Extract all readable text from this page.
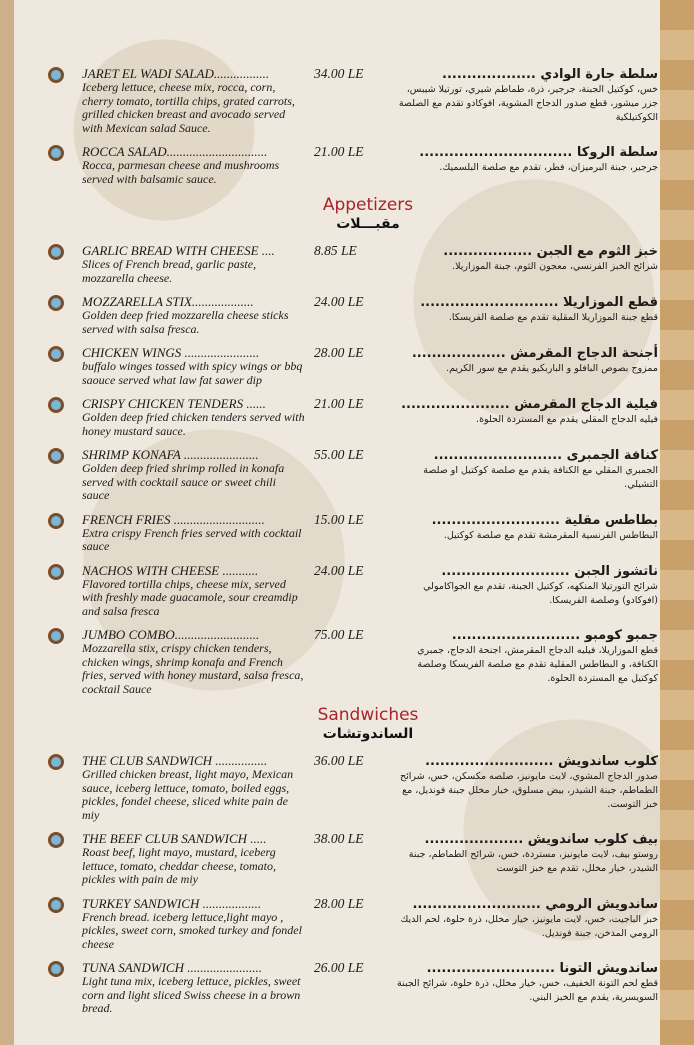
JARET EL WADI SALAD.................
Iceberg lettuce, cheese mix, rocca, corn, cherry tomato, tortilla chips, grated carrots, grilled chicken breast and avocado served with Mexican salad Sauce.
34.00 LE	سلطة جارة الوادي ...................
خس، كوكتيل الجبنة، جرجير، ذرة، طماطم شيري، تورتيلا شيبس، جزر ميشور، قطع صدور الدجاج المشوية، افوكادو تقدم مع الصلصة الكوكتيلكية
ROCCA SALAD...............................
Rocca, parmesan cheese and mushrooms served with balsamic sauce.
21.00 LE	سلطة الروكا ...............................
جرجير، جبنة البرميزان، فطر، تقدم مع صلصة البلسميك.
Appetizers
مقبـــلات
GARLIC BREAD WITH CHEESE ....
Slices of French bread, garlic paste, mozzarella cheese.
8.85 LE	خبز الثوم مع الجبن ..................
شرائح الخبز الفرنسي، معجون الثوم، جبنة الموزاريلا.
MOZZARELLA STIX...................
Golden deep fried mozzarella cheese sticks served with salsa fresca.
24.00 LE	قطع الموزاريلا ............................
قطع جبنة الموزاريلا المقلية تقدم مع صلصة الفريسكا.
CHICKEN WINGS .......................
buffalo winges tossed with spicy wings or bbq saouce served what law fat sawer dip
28.00 LE	أجنحة الدجاج المقرمش ...................
ممزوج بصوص البافلو و الباربكيو يقدم مع سور الكريم.
CRISPY CHICKEN TENDERS ......
Golden deep fried chicken tenders served with honey mustard sauce.
21.00 LE	فيلية الدجاج المقرمش ......................
فيليه الدجاج المقلي يقدم مع المستردة الحلوة.
SHRIMP KONAFA .......................
Golden deep fried shrimp rolled in konafa served with cocktail sauce or sweet chili sauce
55.00 LE	كنافة الجمبرى ..........................
الجمبري المقلي مع الكنافة يقدم مع صلصة كوكتيل او صلصة التشيلي.
FRENCH FRIES ............................
Extra crispy French fries served with cocktail sauce
15.00 LE	بطاطس مقلية ..........................
البطاطس الفرنسية المقرمشة تقدم مع صلصة كوكتيل.
NACHOS WITH CHEESE ...........
Flavored tortilla chips, cheese mix, served with freshly made guacamole, sour creamdip and salsa fresca
24.00 LE	ناتشوز الجبن ..........................
شرائح التورتيلا المنكهه، كوكتيل الجبنة، تقدم مع الجواكامولي (افوكادو) وصلصة الفريسكا.
JUMBO COMBO..........................
Mozzarella stix, crispy chicken tenders, chicken wings, shrimp konafa and French fries, served with honey mustard, salsa fresca, cocktail Sauce
75.00 LE	جمبو كومبو ..........................
قطع الموزاريلا، فيليه الدجاج المقرمش، اجنحة الدجاج، جمبري الكنافة، و البطاطس المقلية تقدم مع صلصة الفريسكا وصلصة كوكتيل مع المستردة الحلوة.
Sandwiches
الساندوتشات
THE CLUB SANDWICH ................
Grilled chicken breast, light mayo, Mexican sauce, iceberg lettuce, tomato, boiled eggs, pickles, fondel cheese, sliced white pain de miy
36.00 LE	كلوب ساندويش ..........................
صدور الدجاج المشوي، لايت مايونيز، صلصه مكسكن، خس، شرائح الطماطم، جبنة الشيدر، بيض مسلوق، خيار مخلل جبنة فونديل، مع خبز التوست.
THE BEEF CLUB SANDWICH .....
Roast beef, light mayo, mustard, iceberg lettuce, tomato, cheddar cheese, tomato, pickles with pain de miy
38.00 LE	بيف كلوب ساندويش ....................
روستو بيف، لايت مايونيز، مستردة، خس، شرائح الطماطم، جبنة الشيدر، خيار مخلل، تقدم مع خبز التوست
TURKEY SANDWICH ..................
French bread. iceberg lettuce,light mayo , pickles, sweet corn, smoked turkey and fondel cheese
28.00 LE	ساندويش الرومي ..........................
خبز الباجيت، خس، لايت مايونيز، خيار مخلل، ذرة حلوة، لحم الديك الرومي المدخن، جبنة فونديل.
TUNA SANDWICH .......................
Light tuna mix, iceberg lettuce, pickles, sweet corn and light sliced Swiss cheese in a brown bread.
26.00 LE	ساندويش التونا ..........................
قطع لحم التونة الخفيف، خس، خيار مخلل، ذرة حلوة، شرائح الجبنة السويسرية، يقدم مع الخبز البني.
